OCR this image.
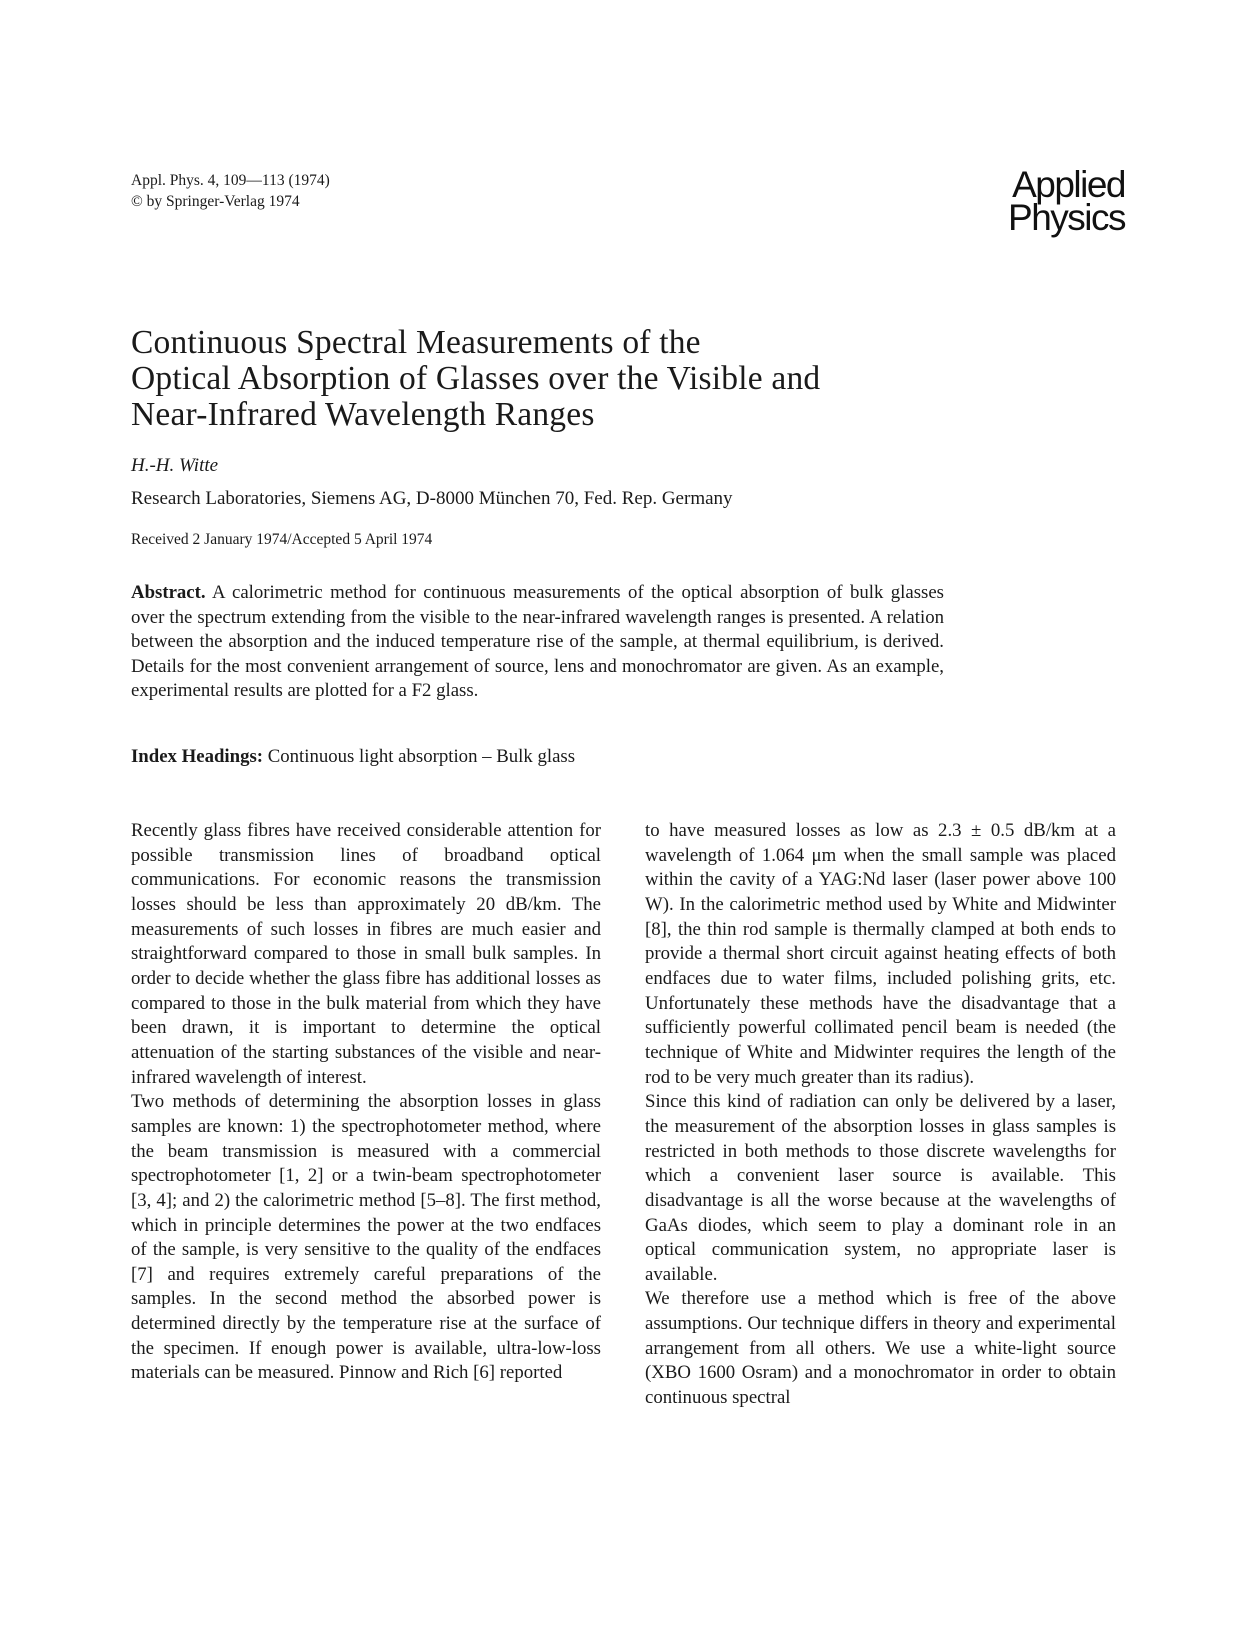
Appl. Phys. 4, 109—113 (1974)
© by Springer-Verlag 1974	Applied
Physics
Continuous Spectral Measurements of the
Optical Absorption of Glasses over the Visible and
Near-Infrared Wavelength Ranges
H.-H. Witte
Research Laboratories, Siemens AG, D-8000 München 70, Fed. Rep. Germany
Received 2 January 1974/Accepted 5 April 1974
Abstract. A calorimetric method for continuous measurements of the optical absorption of bulk glasses over the spectrum extending from the visible to the near-infrared wavelength ranges is presented. A relation between the absorption and the induced temperature rise of the sample, at thermal equilibrium, is derived. Details for the most convenient arrangement of source, lens and monochromator are given. As an example, experimental results are plotted for a F2 glass.
Index Headings: Continuous light absorption – Bulk glass

Recently glass fibres have received considerable attention for possible transmission lines of broadband optical communications. For economic reasons the transmission losses should be less than approximately 20 dB/km. The measurements of such losses in fibres are much easier and straightforward compared to those in small bulk samples. In order to decide whether the glass fibre has additional losses as compared to those in the bulk material from which they have been drawn, it is important to determine the optical attenuation of the starting substances of the visible and near-infrared wavelength of interest.

Two methods of determining the absorption losses in glass samples are known: 1) the spectrophotometer method, where the beam transmission is measured with a commercial spectrophotometer [1, 2] or a twin-beam spectrophotometer [3, 4]; and 2) the calorimetric method [5–8]. The first method, which in principle determines the power at the two endfaces of the sample, is very sensitive to the quality of the endfaces [7] and requires extremely careful preparations of the samples. In the second method the absorbed power is determined directly by the temperature rise at the surface of the specimen. If enough power is available, ultra-low-loss materials can be measured. Pinnow and Rich [6] reported

to have measured losses as low as 2.3 ± 0.5 dB/km at a wavelength of 1.064 μm when the small sample was placed within the cavity of a YAG:Nd laser (laser power above 100 W). In the calorimetric method used by White and Midwinter [8], the thin rod sample is thermally clamped at both ends to provide a thermal short circuit against heating effects of both endfaces due to water films, included polishing grits, etc. Unfortunately these methods have the disadvantage that a sufficiently powerful collimated pencil beam is needed (the technique of White and Midwinter requires the length of the rod to be very much greater than its radius).

Since this kind of radiation can only be delivered by a laser, the measurement of the absorption losses in glass samples is restricted in both methods to those discrete wavelengths for which a convenient laser source is available. This disadvantage is all the worse because at the wavelengths of GaAs diodes, which seem to play a dominant role in an optical communication system, no appropriate laser is available.

We therefore use a method which is free of the above assumptions. Our technique differs in theory and experimental arrangement from all others. We use a white-light source (XBO 1600 Osram) and a monochromator in order to obtain continuous spectral
